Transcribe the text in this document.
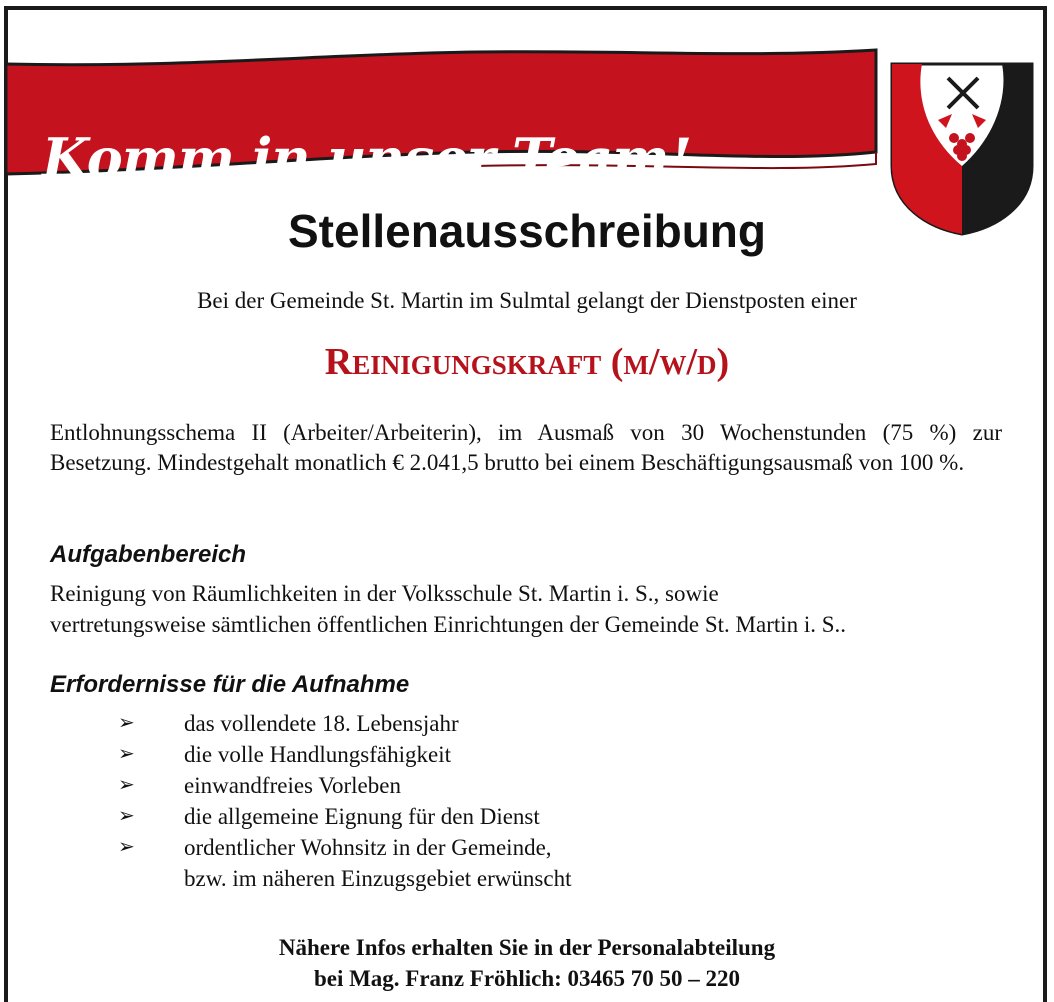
Komm in unser Team!
Stellenausschreibung
Bei der Gemeinde St. Martin im Sulmtal gelangt der Dienstposten einer
Reinigungskraft (m/w/d)
Entlohnungsschema II (Arbeiter/Arbeiterin), im Ausmaß von 30 Wochenstunden (75 %) zur Besetzung. Mindestgehalt monatlich € 2.041,5 brutto bei einem Beschäftigungsausmaß von 100 %.
Aufgabenbereich
Reinigung von Räumlichkeiten in der Volksschule St. Martin i. S., sowie
vertretungsweise sämtlichen öffentlichen Einrichtungen der Gemeinde St. Martin i. S..
Erfordernisse für die Aufnahme
➢ das vollendete 18. Lebensjahr
➢ die volle Handlungsfähigkeit
➢ einwandfreies Vorleben
➢ die allgemeine Eignung für den Dienst
➢ ordentlicher Wohnsitz in der Gemeinde,
bzw. im näheren Einzugsgebiet erwünscht
Nähere Infos erhalten Sie in der Personalabteilung
bei Mag. Franz Fröhlich: 03465 70 50 – 220
